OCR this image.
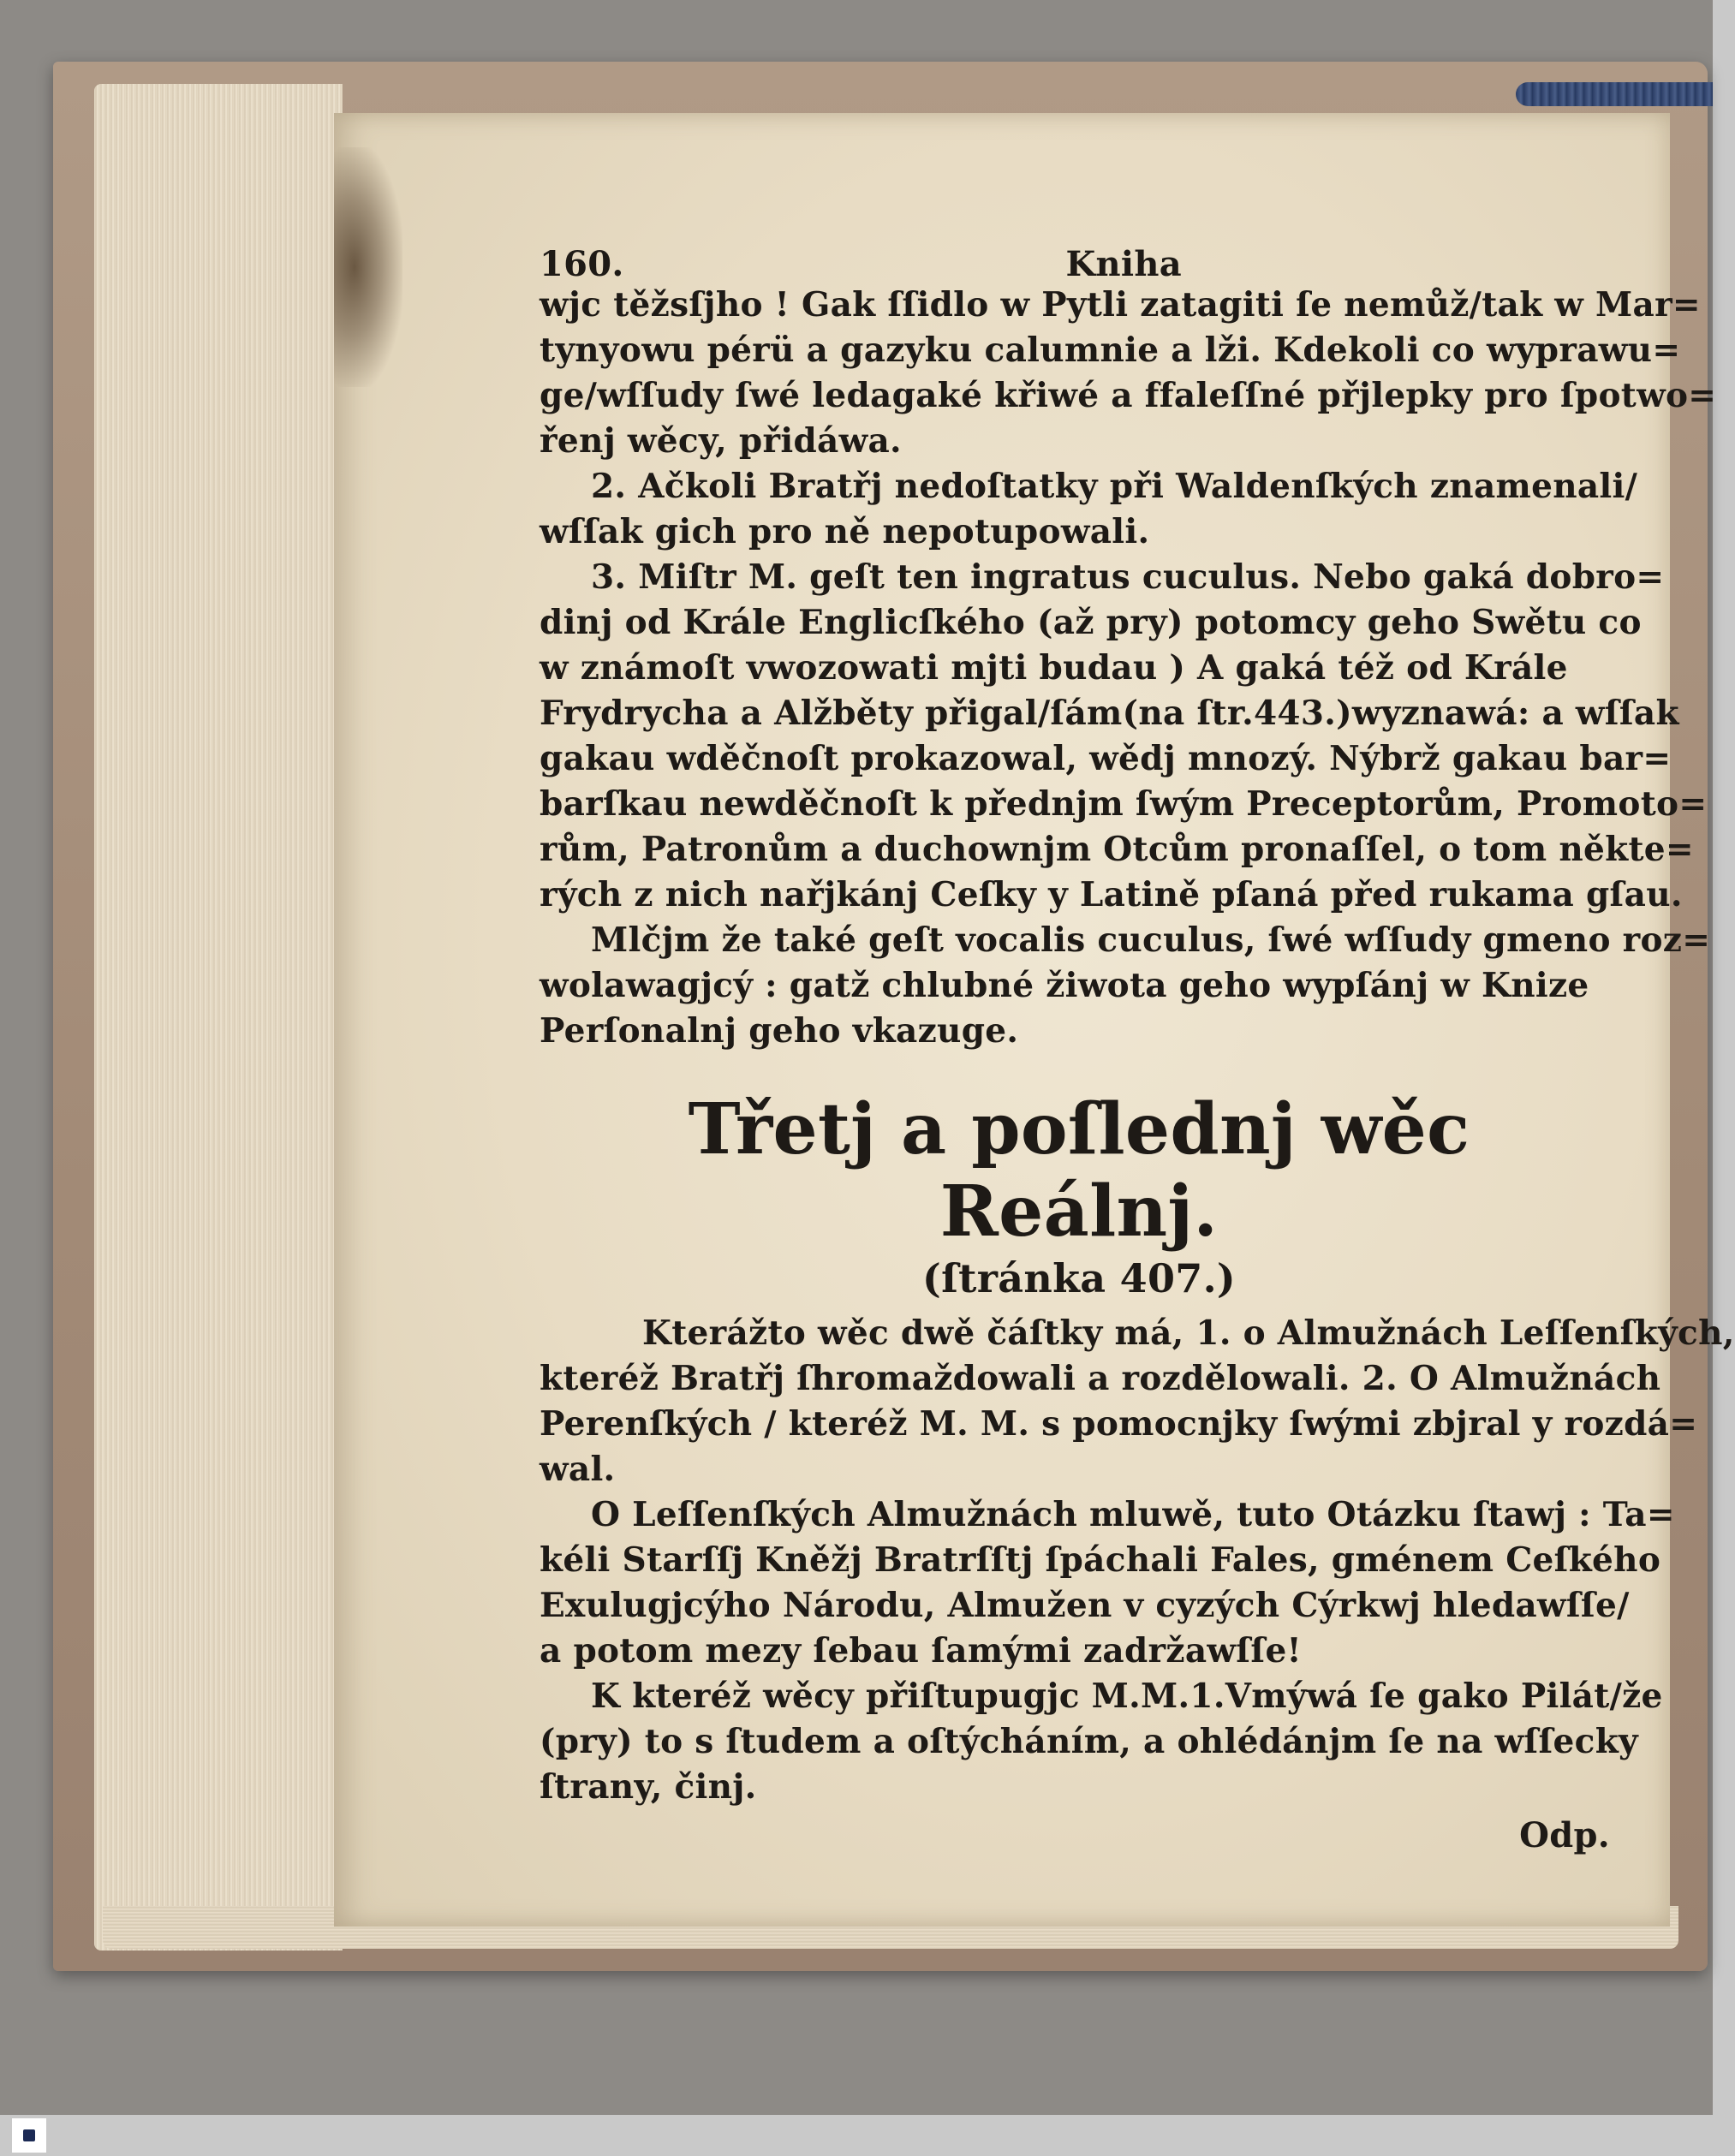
160.	Kniha
wjc těžsſjho ! Gak ſſidlo w Pytli zatagiti ſe nemůž/tak w Mar=
tynyowu pérü a gazyku calumnie a lži. Kdekoli co wyprawu=
ge/wſſudy ſwé ledagaké křiwé a ffaleſſné přjlepky pro ſpotwo=
řenj wěcy, přidáwa.
2. Ačkoli Bratřj nedoſtatky při Waldenſkých znamenali/
wſſak gich pro ně nepotupowali.
3. Miſtr M. geſt ten ingratus cuculus. Nebo gaká dobro=
dinj od Krále Englicſkého (až pry) potomcy geho Swětu co
w známoſt vwozowati mjti budau ) A gaká též od Krále
Frydrycha a Alžběty přigal/ſám(na ſtr.443.)wyznawá: a wſſak
gakau wděčnoſt prokazowal, wědj mnozý. Nýbrž gakau bar=
barſkau newděčnoſt k přednjm ſwým Preceptorům, Promoto=
rům, Patronům a duchownjm Otcům pronaſſel, o tom někte=
rých z nich nařjkánj Ceſky y Latině pſaná před rukama gſau.
Mlčjm že také geſt vocalis cuculus, ſwé wſſudy gmeno roz=
wolawagjcý : gatž chlubné žiwota geho wypſánj w Knize
Perſonalnj geho vkazuge.
Třetj a poſlednj wěc Reálnj.
(ſtránka 407.)
Kterážto wěc dwě čáſtky má, 1. o Almužnách Leſſenſkých,
kteréž Bratřj ſhromaždowali a rozdělowali. 2. O Almužnách
Perenſkých / kteréž M. M. s pomocnjky ſwými zbjral y rozdá=
wal.
O Leſſenſkých Almužnách mluwě, tuto Otázku ſtawj : Ta=
kéli Starſſj Kněžj Bratrſſtj ſpáchali Fales, gménem Ceſkého
Exulugjcýho Národu, Almužen v cyzých Cýrkwj hledawſſe/
a potom mezy ſebau ſamými zadržawſſe!
K kteréž wěcy přiſtupugjc M.M.1.Vmýwá ſe gako Pilát/že
(pry) to s ſtudem a oſtýcháním, a ohlédánjm ſe na wſſecky
ſtrany, činj.
Odp.
